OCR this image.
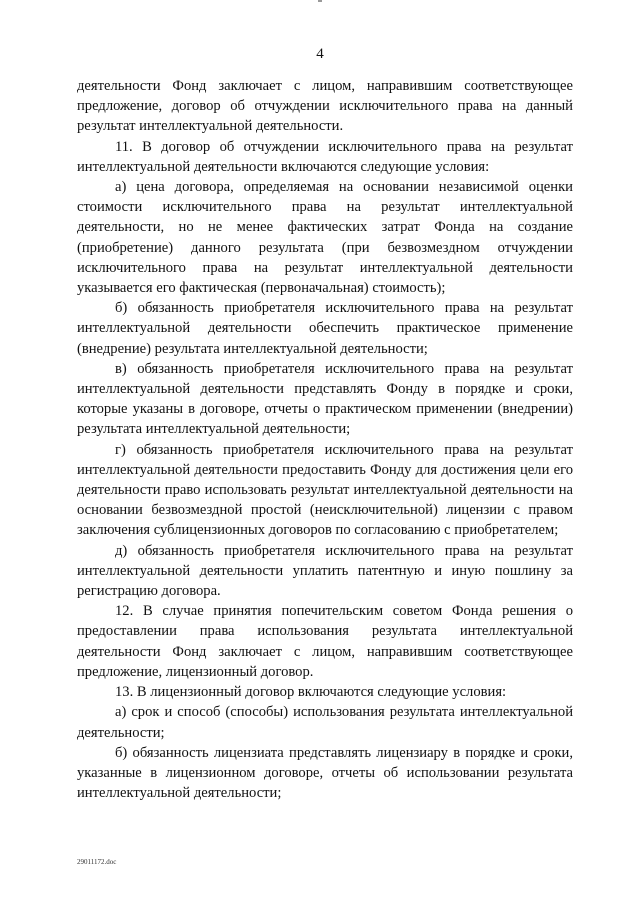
4

деятельности Фонд заключает с лицом, направившим соответствующее предложение, договор об отчуждении исключительного права на данный результат интеллектуальной деятельности.

11. В договор об отчуждении исключительного права на результат интеллектуальной деятельности включаются следующие условия:

а) цена договора, определяемая на основании независимой оценки стоимости исключительного права на результат интеллектуальной деятельности, но не менее фактических затрат Фонда на создание (приобретение) данного результата (при безвозмездном отчуждении исключительного права на результат интеллектуальной деятельности указывается его фактическая (первоначальная) стоимость);

б) обязанность приобретателя исключительного права на результат интеллектуальной деятельности обеспечить практическое применение (внедрение) результата интеллектуальной деятельности;

в) обязанность приобретателя исключительного права на результат интеллектуальной деятельности представлять Фонду в порядке и сроки, которые указаны в договоре, отчеты о практическом применении (внедрении) результата интеллектуальной деятельности;

г) обязанность приобретателя исключительного права на результат интеллектуальной деятельности предоставить Фонду для достижения цели его деятельности право использовать результат интеллектуальной деятельности на основании безвозмездной простой (неисключительной) лицензии с правом заключения сублицензионных договоров по согласованию с приобретателем;

д) обязанность приобретателя исключительного права на результат интеллектуальной деятельности уплатить патентную и иную пошлину за регистрацию договора.

12. В случае принятия попечительским советом Фонда решения о предоставлении права использования результата интеллектуальной деятельности Фонд заключает с лицом, направившим соответствующее предложение, лицензионный договор.

13. В лицензионный договор включаются следующие условия:

а) срок и способ (способы) использования результата интеллектуальной деятельности;

б) обязанность лицензиата представлять лицензиару в порядке и сроки, указанные в лицензионном договоре, отчеты об использовании результата интеллектуальной деятельности;

29011172.doc
